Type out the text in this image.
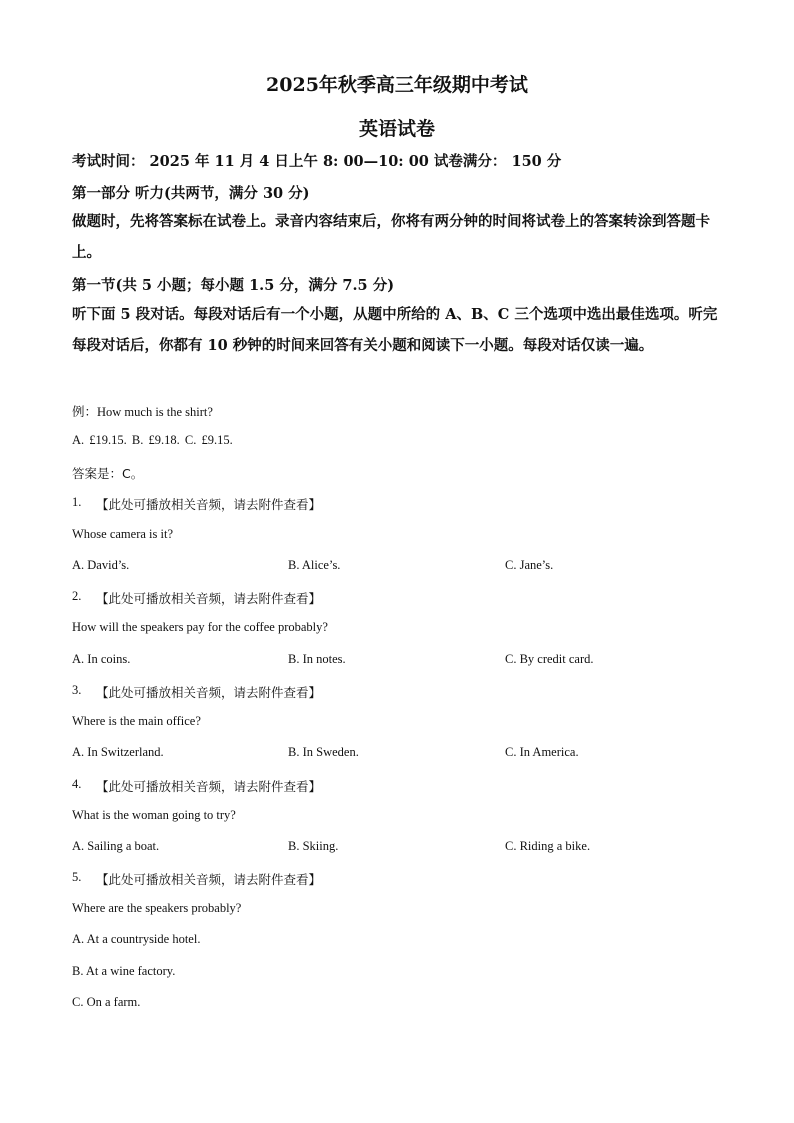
2025年秋季高三年级期中考试
英语试卷
考试时间： 2025 年 11 月 4 日上午 8: 00—10: 00 试卷满分： 150 分
第一部分 听力(共两节，满分 30 分)
做题时，先将答案标在试卷上。录音内容结束后，你将有两分钟的时间将试卷上的答案转涂到答题卡上。
第一节(共 5 小题；每小题 1.5 分，满分 7.5 分)
听下面 5 段对话。每段对话后有一个小题，从题中所给的 A、B、C 三个选项中选出最佳选项。听完每段对话后，你都有 10 秒钟的时间来回答有关小题和阅读下一小题。每段对话仅读一遍。
例：How much is the shirt?
A. £19.15. B. £9.18. C. £9.15.
答案是：C。
1. 【此处可播放相关音频，请去附件查看】
Whose camera is it?
A. David’s.	B. Alice’s.	C. Jane’s.
2. 【此处可播放相关音频，请去附件查看】
How will the speakers pay for the coffee probably?
A. In coins.	B. In notes.	C. By credit card.
3. 【此处可播放相关音频，请去附件查看】
Where is the main office?
A. In Switzerland.	B. In Sweden.	C. In America.
4. 【此处可播放相关音频，请去附件查看】
What is the woman going to try?
A. Sailing a boat.	B. Skiing.	C. Riding a bike.
5. 【此处可播放相关音频，请去附件查看】
Where are the speakers probably?
A. At a countryside hotel.
B. At a wine factory.
C. On a farm.
